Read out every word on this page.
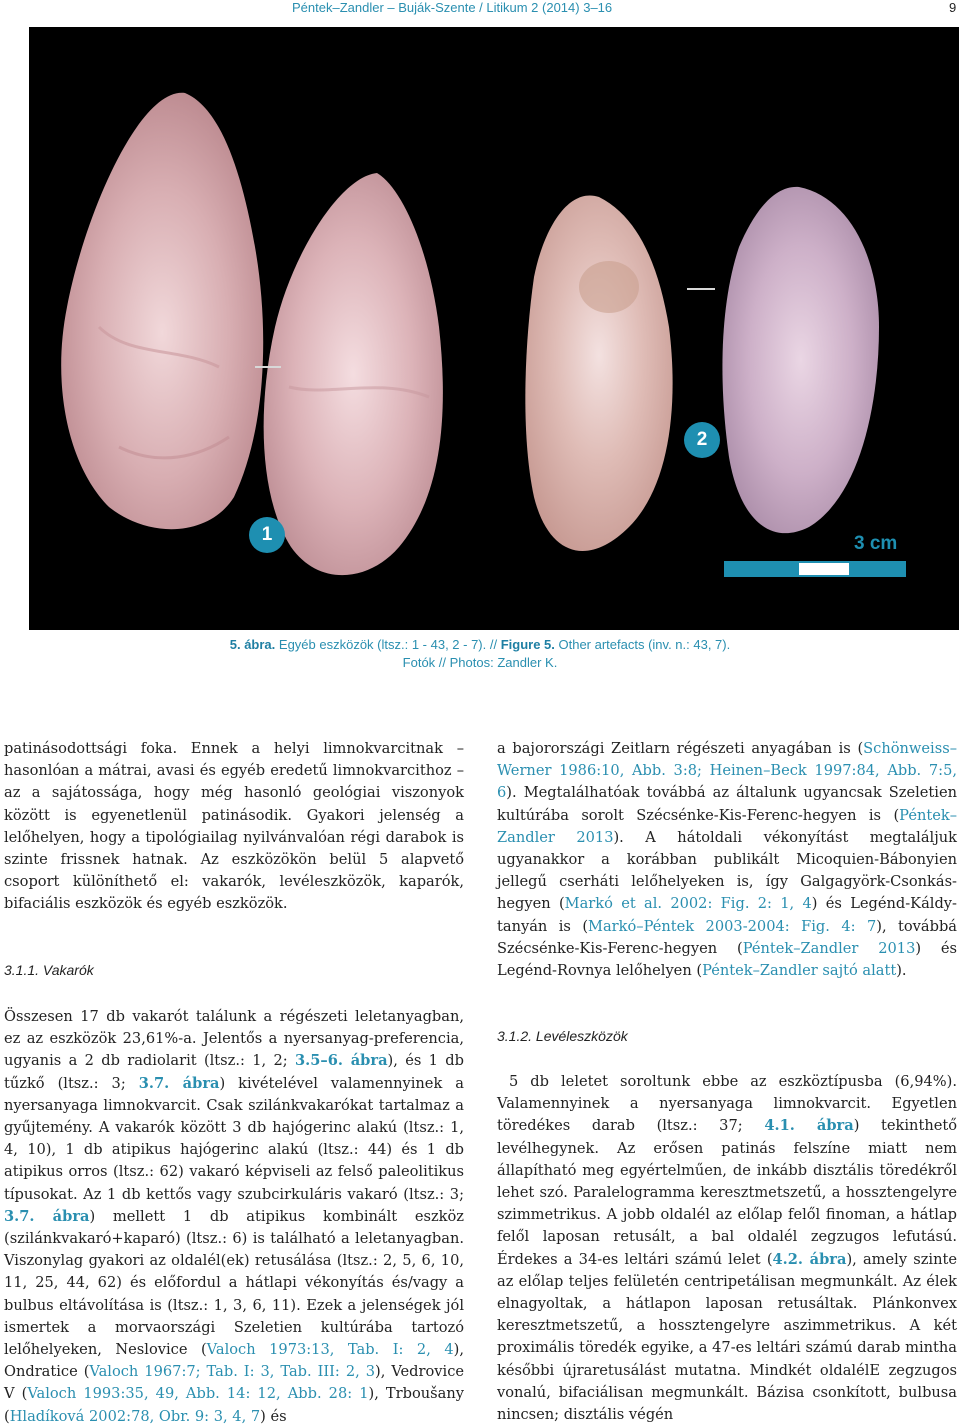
Péntek–Zandler – Buják-Szente / Litikum 2 (2014) 3–16	9
1
2
3 cm
5. ábra. Egyéb eszközök (ltsz.: 1 - 43, 2 - 7). // Figure 5. Other artefacts (inv. n.: 43, 7).
Fotók // Photos: Zandler K.

patinásodottsági foka. Ennek a helyi limnokvarcitnak – hasonlóan a mátrai, avasi és egyéb eredetű limnokvarcithoz – az a sajátossága, hogy még hasonló geológiai viszonyok között is egyenetlenül patinásodik. Gyakori jelenség a lelőhelyen, hogy a tipológiailag nyilvánvalóan régi darabok is szinte frissnek hatnak. Az eszközökön belül 5 alapvető csoport különíthető el: vakarók, levéleszközök, kaparók, bifaciális eszközök és egyéb eszközök.

3.1.1. Vakarók

Összesen 17 db vakarót találunk a régészeti leletanyagban, ez az eszközök 23,61%-a. Jelentős a nyersanyag-preferencia, ugyanis a 2 db radiolarit (ltsz.: 1, 2; 3.5–6. ábra), és 1 db tűzkő (ltsz.: 3; 3.7. ábra) kivételével valamennyinek a nyersanyaga limnokvarcit. Csak szilánkvakarókat tartalmaz a gyűjtemény. A vakarók között 3 db hajógerinc alakú (ltsz.: 1, 4, 10), 1 db atipikus hajógerinc alakú (ltsz.: 44) és 1 db atipikus orros (ltsz.: 62) vakaró képviseli az felső paleolitikus típusokat. Az 1 db kettős vagy szubcirkuláris vakaró (ltsz.: 3; 3.7. ábra) mellett 1 db atipikus kombinált eszköz (szilánkvakaró+kaparó) (ltsz.: 6) is található a leletanyagban. Viszonylag gyakori az oldalél(ek) retusálása (ltsz.: 2, 5, 6, 10, 11, 25, 44, 62) és előfordul a hátlapi vékonyítás és/vagy a bulbus eltávolítása is (ltsz.: 1, 3, 6, 11). Ezek a jelenségek jól ismertek a morvaországi Szeletien kultúrába tartozó lelőhelyeken, Neslovice (Valoch 1973:13, Tab. I: 2, 4), Ondratice (Valoch 1967:7; Tab. I: 3, Tab. III: 2, 3), Vedrovice V (Valoch 1993:35, 49, Abb. 14: 12, Abb. 28: 1), Trboušany (Hladíková 2002:78, Obr. 9: 3, 4, 7) és

a bajorországi Zeitlarn régészeti anyagában is (Schönweiss–Werner 1986:10, Abb. 3:8; Heinen–Beck 1997:84, Abb. 7:5, 6). Megtalálhatóak továbbá az általunk ugyancsak Szeletien kultúrába sorolt Szécsénke-Kis-Ferenc-hegyen is (Péntek–Zandler 2013). A hátoldali vékonyítást megtaláljuk ugyanakkor a korábban publikált Micoquien-Bábonyien jellegű cserháti lelőhelyeken is, így Galgagyörk-Csonkás-hegyen (Markó et al. 2002: Fig. 2: 1, 4) és Legénd-Káldy-tanyán is (Markó–Péntek 2003-2004: Fig. 4: 7), továbbá Szécsénke-Kis-Ferenc-hegyen (Péntek–Zandler 2013) és Legénd-Rovnya lelőhelyen (Péntek–Zandler sajtó alatt).

3.1.2. Levéleszközök

5 db leletet soroltunk ebbe az eszköztípusba (6,94%). Valamennyinek a nyersanyaga limnokvarcit. Egyetlen töredékes darab (ltsz.: 37; 4.1. ábra) tekinthető levélhegynek. Az erősen patinás felszíne miatt nem állapítható meg egyértelműen, de inkább disztális töredékről lehet szó. Paralelogramma keresztmetszetű, a hossztengelyre szimmetrikus. A jobb oldalél az előlap felől finoman, a hátlap felől laposan retusált, a bal oldalél zegzugos lefutású. Érdekes a 34-es leltári számú lelet (4.2. ábra), amely szinte az előlap teljes felületén centripetálisan megmunkált. Az élek elnagyoltak, a hátlapon laposan retusáltak. Plánkonvex keresztmetszetű, a hossztengelyre aszimmetrikus. A két proximális töredék egyike, a 47-es leltári számú darab mintha későbbi újraretusálást mutatna. Mindkét oldalélE zegzugos vonalú, bifaciálisan megmunkált. Bázisa csonkított, bulbusa nincsen; disztális végén
